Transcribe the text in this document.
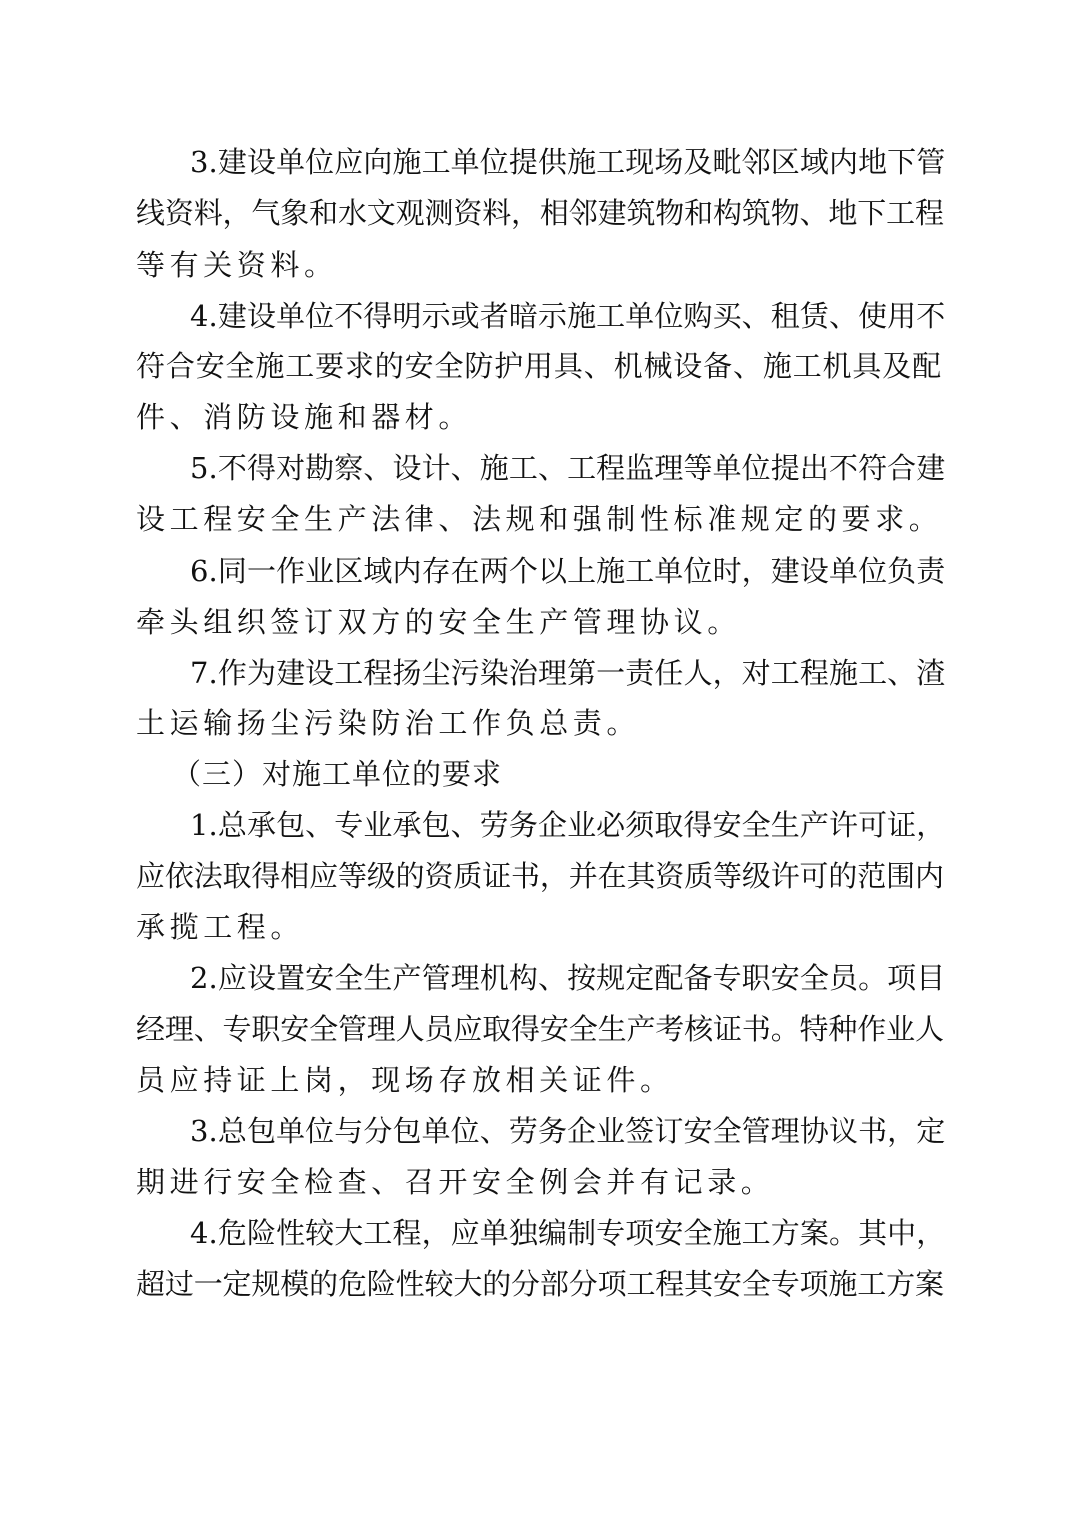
3.建设单位应向施工单位提供施工现场及毗邻区域内地下管
线资料，气象和水文观测资料，相邻建筑物和构筑物、地下工程
等有关资料。
4.建设单位不得明示或者暗示施工单位购买、租赁、使用不
符合安全施工要求的安全防护用具、机械设备、施工机具及配
件、消防设施和器材。
5.不得对勘察、设计、施工、工程监理等单位提出不符合建
设工程安全生产法律、法规和强制性标准规定的要求。
6.同一作业区域内存在两个以上施工单位时，建设单位负责
牵头组织签订双方的安全生产管理协议。
7.作为建设工程扬尘污染治理第一责任人，对工程施工、渣
土运输扬尘污染防治工作负总责。
（三）对施工单位的要求
1.总承包、专业承包、劳务企业必须取得安全生产许可证，
应依法取得相应等级的资质证书，并在其资质等级许可的范围内
承揽工程。
2.应设置安全生产管理机构、按规定配备专职安全员。项目
经理、专职安全管理人员应取得安全生产考核证书。特种作业人
员应持证上岗，现场存放相关证件。
3.总包单位与分包单位、劳务企业签订安全管理协议书，定
期进行安全检查、召开安全例会并有记录。
4.危险性较大工程，应单独编制专项安全施工方案。其中，
超过一定规模的危险性较大的分部分项工程其安全专项施工方案
